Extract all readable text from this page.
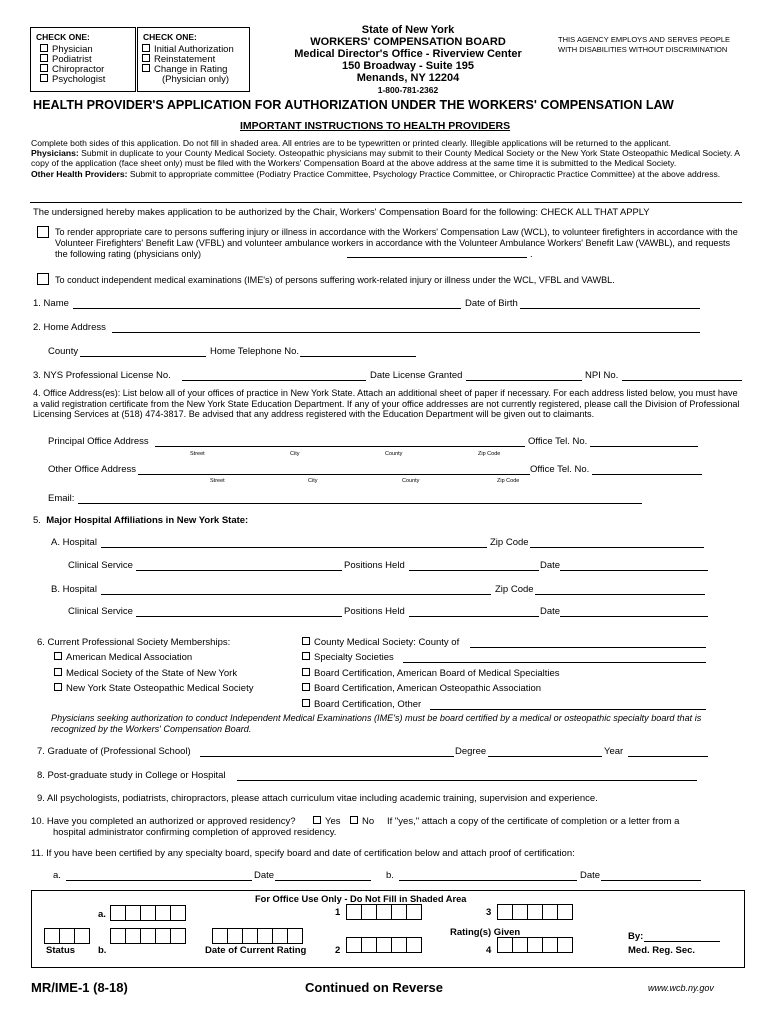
CHECK ONE:	CHECK ONE:
Physician
Podiatrist
Chiropractor
Psychologist
Initial Authorization
Reinstatement
Change in Rating
(Physician only)
State of New York
WORKERS' COMPENSATION BOARD
Medical Director's Office - Riverview Center
150 Broadway - Suite 195
Menands, NY 12204
1-800-781-2362
THIS AGENCY EMPLOYS AND SERVES PEOPLE WITH DISABILITIES WITHOUT DISCRIMINATION
HEALTH PROVIDER'S APPLICATION FOR AUTHORIZATION UNDER THE WORKERS' COMPENSATION LAW
IMPORTANT INSTRUCTIONS TO HEALTH PROVIDERS
Complete both sides of this application. Do not fill in shaded area. All entries are to be typewritten or printed clearly. Illegible applications will be returned to the applicant.
Physicians: Submit in duplicate to your County Medical Society. Osteopathic physicians may submit to their County Medical Society or the New York State Osteopathic Medical Society. A copy of the application (face sheet only) must be filed with the Workers' Compensation Board at the above address at the same time it is submitted to the Medical Society.
Other Health Providers: Submit to appropriate committee (Podiatry Practice Committee, Psychology Practice Committee, or Chiropractic Practice Committee) at the above address.
The undersigned hereby makes application to be authorized by the Chair, Workers' Compensation Board for the following: CHECK ALL THAT APPLY
To render appropriate care to persons suffering injury or illness in accordance with the Workers' Compensation Law (WCL), to volunteer firefighters in accordance with the Volunteer Firefighters' Benefit Law (VFBL) and volunteer ambulance workers in accordance with the Volunteer Ambulance Workers' Benefit Law (VAWBL), and requests the following rating (physicians only)	.
To conduct independent medical examinations (IME's) of persons suffering work-related injury or illness under the WCL, VFBL and VAWBL.
1. Name	Date of Birth
2. Home Address
County	Home Telephone No.
3. NYS Professional License No.	Date License Granted	NPI No.
4. Office Address(es): List below all of your offices of practice in New York State. Attach an additional sheet of paper if necessary. For each address listed below, you must have a valid registration certificate from the New York State Education Department. If any of your office addresses are not currently registered, please call the Division of Professional Licensing Services at (518) 474-3817. Be advised that any address registered with the Education Department will be given out to claimants.
Principal Office Address	Office Tel. No.
Street	City	County	Zip Code
Other Office Address	Office Tel. No.
Street	City	County	Zip Code
Email:
5. Major Hospital Affiliations in New York State:
A. Hospital	Zip Code
Clinical Service	Positions Held	Date
B. Hospital	Zip Code
Clinical Service	Positions Held	Date
6. Current Professional Society Memberships:
American Medical Association
Medical Society of the State of New York
New York State Osteopathic Medical Society
County Medical Society: County of
Specialty Societies
Board Certification, American Board of Medical Specialties
Board Certification, American Osteopathic Association
Board Certification, Other
Physicians seeking authorization to conduct Independent Medical Examinations (IME's) must be board certified by a medical or osteopathic specialty board that is recognized by the Workers' Compensation Board.
7. Graduate of (Professional School)	Degree	Year
8. Post-graduate study in College or Hospital
9. All psychologists, podiatrists, chiropractors, please attach curriculum vitae including academic training, supervision and experience.
10. Have you completed an authorized or approved residency?	Yes	No If "yes," attach a copy of the certificate of completion or a letter from a
hospital administrator confirming completion of approved residency.
11. If you have been certified by any specialty board, specify board and date of certification below and attach proof of certification:
a.	Date	b.	Date
For Office Use Only - Do Not Fill in Shaded Area
a.	1	3
Rating(s) Given	By:
Status b.	Date of Current Rating	2	4	Med. Reg. Sec.
MR/IME-1 (8-18)	Continued on Reverse	www.wcb.ny.gov
